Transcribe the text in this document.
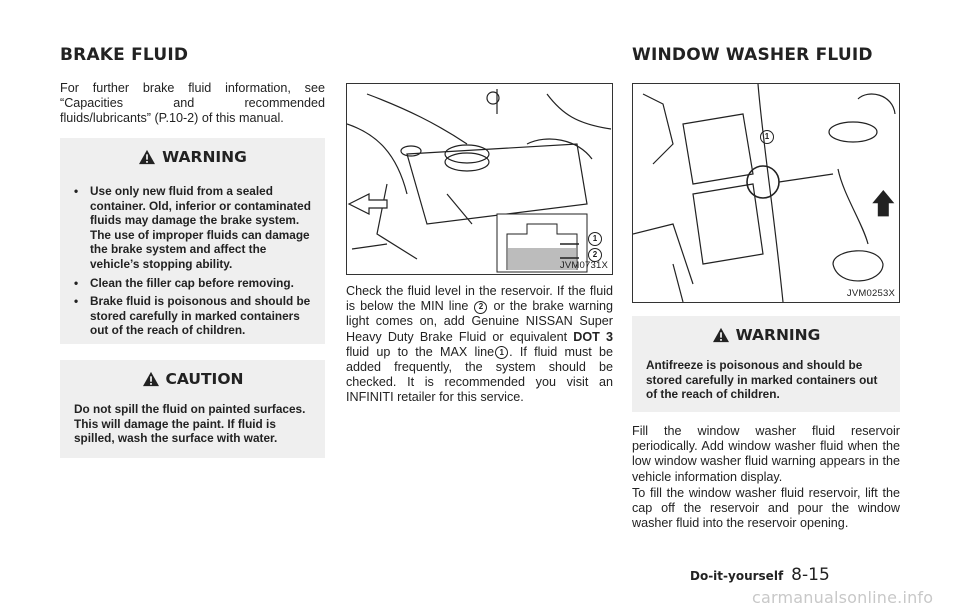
BRAKE FLUID
For further brake fluid information, see “Capacities and recommended fluids/lubricants” (P.10-2) of this manual.
WARNING
•	Use only new fluid from a sealed container. Old, inferior or contaminated fluids may damage the brake system. The use of improper fluids can damage the brake system and affect the vehicle’s stopping ability.
•	Clean the filler cap before removing.
•	Brake fluid is poisonous and should be stored carefully in marked containers out of the reach of children.
CAUTION
Do not spill the fluid on painted surfaces. This will damage the paint. If fluid is spilled, wash the surface with water.
1
2
JVM0731X
Check the fluid level in the reservoir. If the fluid is below the MIN line 2 or the brake warning light comes on, add Genuine NISSAN Super Heavy Duty Brake Fluid or equivalent DOT 3 fluid up to the MAX line 1 . If fluid must be added frequently, the system should be checked. It is recommended you visit an INFINITI retailer for this service.
WINDOW WASHER FLUID
1
JVM0253X
WARNING
Antifreeze is poisonous and should be stored carefully in marked containers out of the reach of children.
Fill the window washer fluid reservoir periodically. Add window washer fluid when the low window washer fluid warning appears in the vehicle information display.
To fill the window washer fluid reservoir, lift the cap off the reservoir and pour the window washer fluid into the reservoir opening.
Do-it-yourself 8-15
carmanualsonline.info
